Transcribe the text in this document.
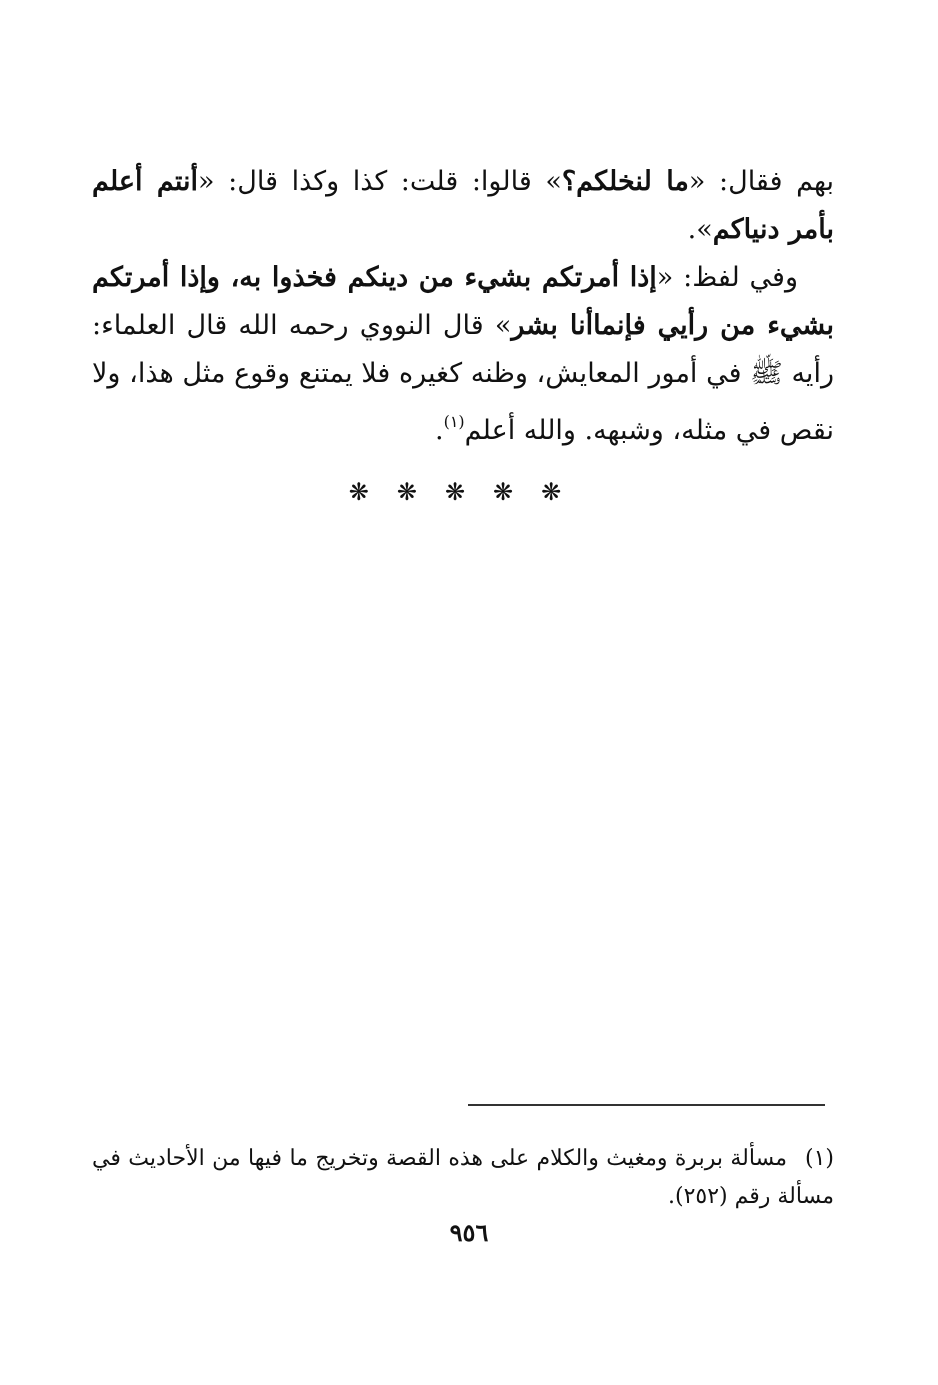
بهم فقال: «ما لنخلكم؟» قالوا: قلت: كذا وكذا قال: «أنتم أعلم بأمر دنياكم».

وفي لفظ: «إذا أمرتكم بشيء من دينكم فخذوا به، وإذا أمرتكم بشيء من رأيي فإنماأنا بشر» قال النووي رحمه الله قال العلماء: رأيه ﷺ في أمور المعايش، وظنه كغيره فلا يمتنع وقوع مثل هذا، ولا نقص في مثله، وشبهه. والله أعلم$^{(١)}$.

❋❋❋❋❋

(١)مسألة بربرة ومغيث والكلام على هذه القصة وتخريج ما فيها من الأحاديث في مسألة رقم (٢٥٢).

٩٥٦
